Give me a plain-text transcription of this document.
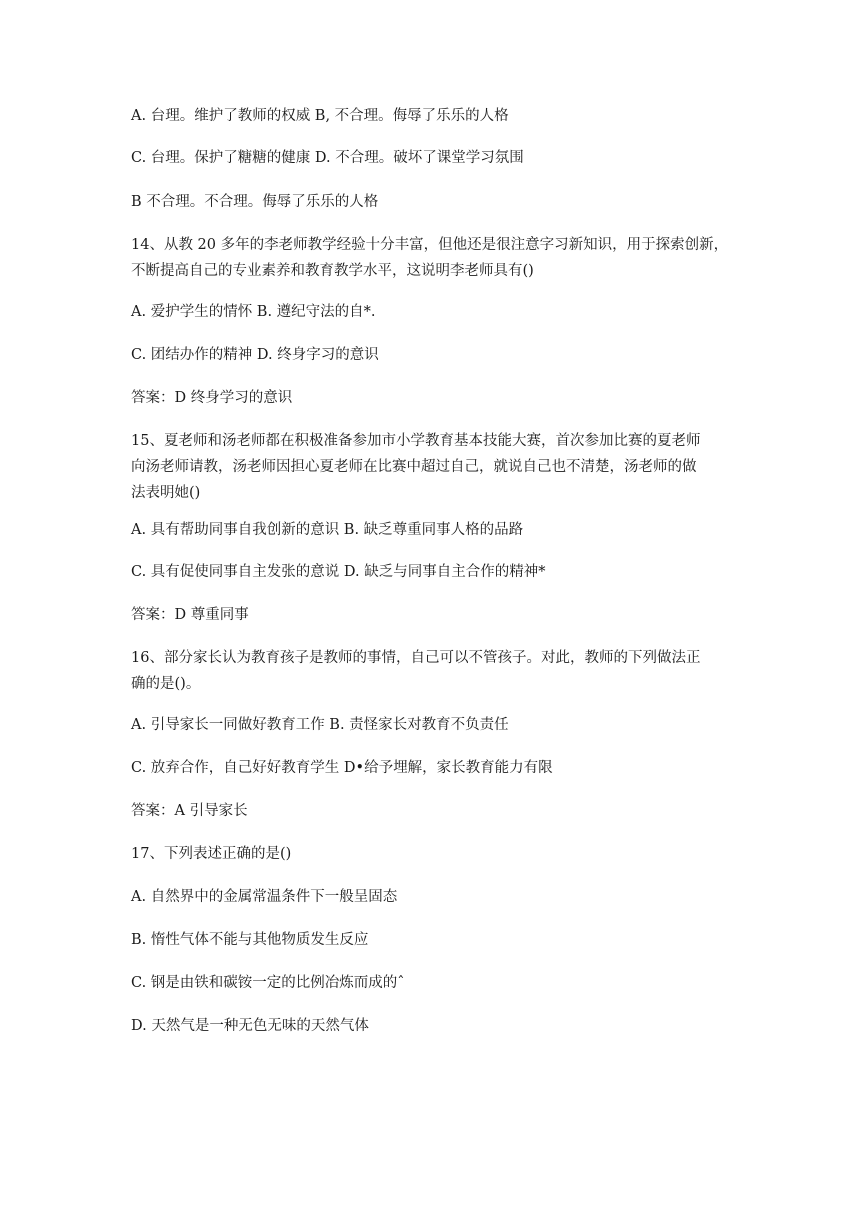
A. 台理。维护了教师的权威 B, 不合理。侮辱了乐乐的人格
C. 台理。保护了糖糖的健康 D. 不合理。破坏了课堂学习氛围
B 不合理。不合理。侮辱了乐乐的人格
14、从教 20 多年的李老师教学经验十分丰富，但他还是很注意字习新知识，用于探索创新，
不断提高自己的专业素养和教育教学水平，这说明李老师具有()
A. 爱护学生的情怀 B. 遵纪守法的自*.
C. 团结办作的精神 D. 终身字习的意识
答案：D 终身学习的意识
15、夏老师和汤老师都在积极准备参加市小学教育基本技能大赛，首次参加比赛的夏老师
向汤老师请教，汤老师因担心夏老师在比赛中超过自己，就说自己也不清楚，汤老师的做
法表明她()
A. 具有帮助同事自我创新的意识 B. 缺乏尊重同事人格的品路
C. 具有促使同事自主发张的意说 D. 缺乏与同事自主合作的精神*
答案：D 尊重同事
16、部分家长认为教育孩子是教师的事情，自己可以不管孩子。对此，教师的下列做法正
确的是()。
A. 引导家长一同做好教育工作 B. 责怪家长对教育不负责任
C. 放弃合作，自己好好教育学生 D•给予埋解，家长教育能力有限
答案：A 引导家长
17、下列表述正确的是()
A. 自然界中的金属常温条件下一般呈固态
B. 惰性气体不能与其他物质发生反应
C. 钢是由铁和碳铵一定的比例冶炼而成的ˆ
D. 天然气是一种无色无味的天然气体
